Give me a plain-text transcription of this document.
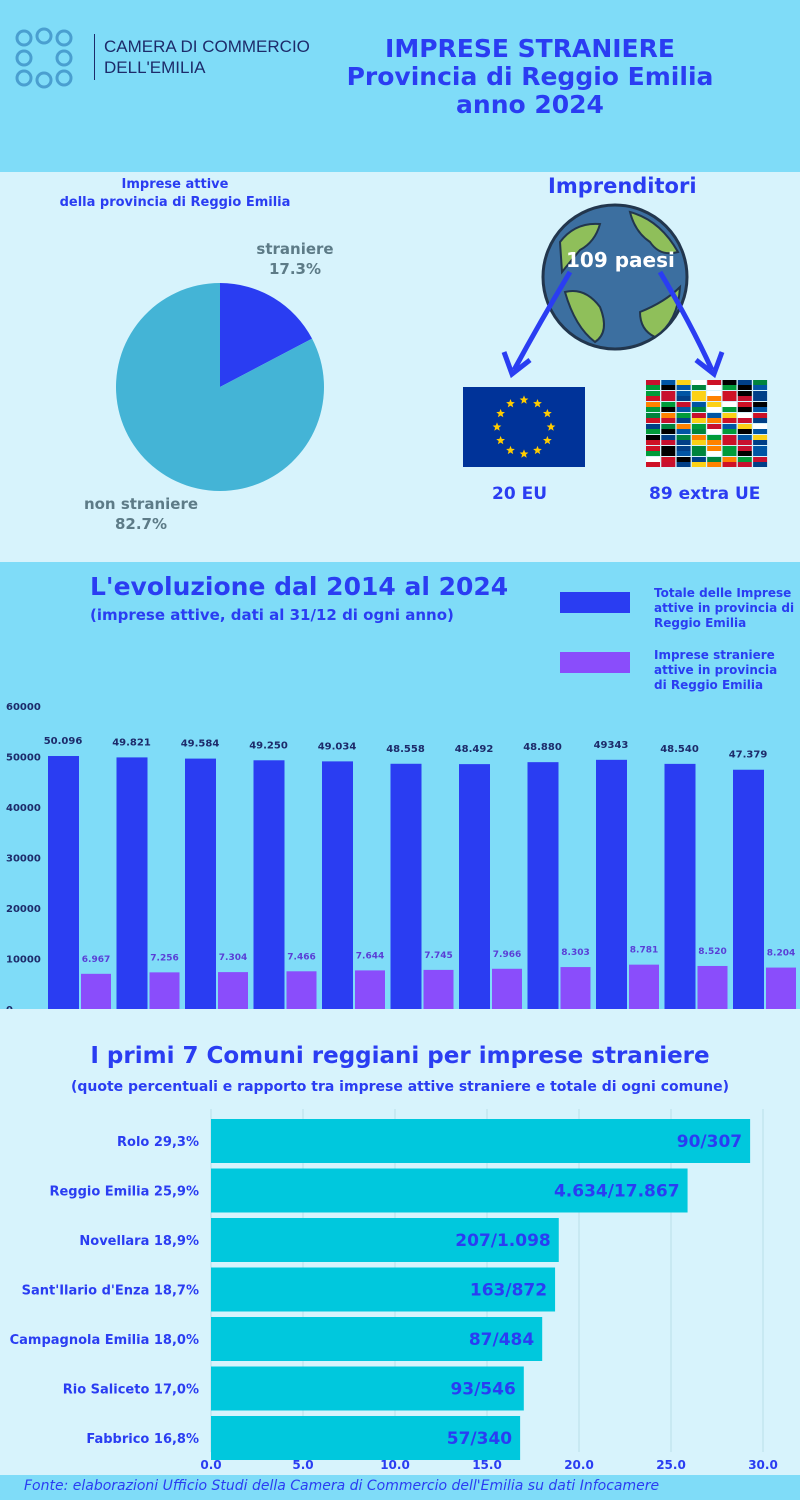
CAMERA DI COMMERCIO
DELL'EMILIA
IMPRESE STRANIERE
Provincia di Reggio Emilia
anno 2024
Imprese attive
della provincia di Reggio Emilia
straniere
17.3%
non straniere
82.7%
Imprenditori
109 paesi
20 EU	89 extra UE
L'evoluzione dal 2014 al 2024
(imprese attive, dati al 31/12 di ogni anno)
Totale delle Imprese
attive in provincia di
Reggio Emilia
Imprese straniere
attive in provincia
di Reggio Emilia
10000
20000
30000
40000
50000
60000
50.096
6.967
49.821
7.256
49.584
7.304
49.250
7.466
49.034
7.644
48.558
7.745
48.492
7.966
48.880
8.303
49343
8.781
48.540
8.520
47.379
8.204
I primi 7 Comuni reggiani per imprese straniere
(quote percentuali e rapporto tra imprese attive straniere e totale di ogni comune)
Rolo 29,3%	90/307
Reggio Emilia 25,9%	4.634/17.867
Novellara 18,9%	207/1.098
Sant'Ilario d'Enza 18,7%	163/872
Campagnola Emilia 18,0%	87/484
Rio Saliceto 17,0%	93/546
Fabbrico 16,8%	57/340
0.0	5.0	10.0	15.0	20.0	25.0	30.0
Fonte: elaborazioni Ufficio Studi della Camera di Commercio dell'Emilia su dati Infocamere
